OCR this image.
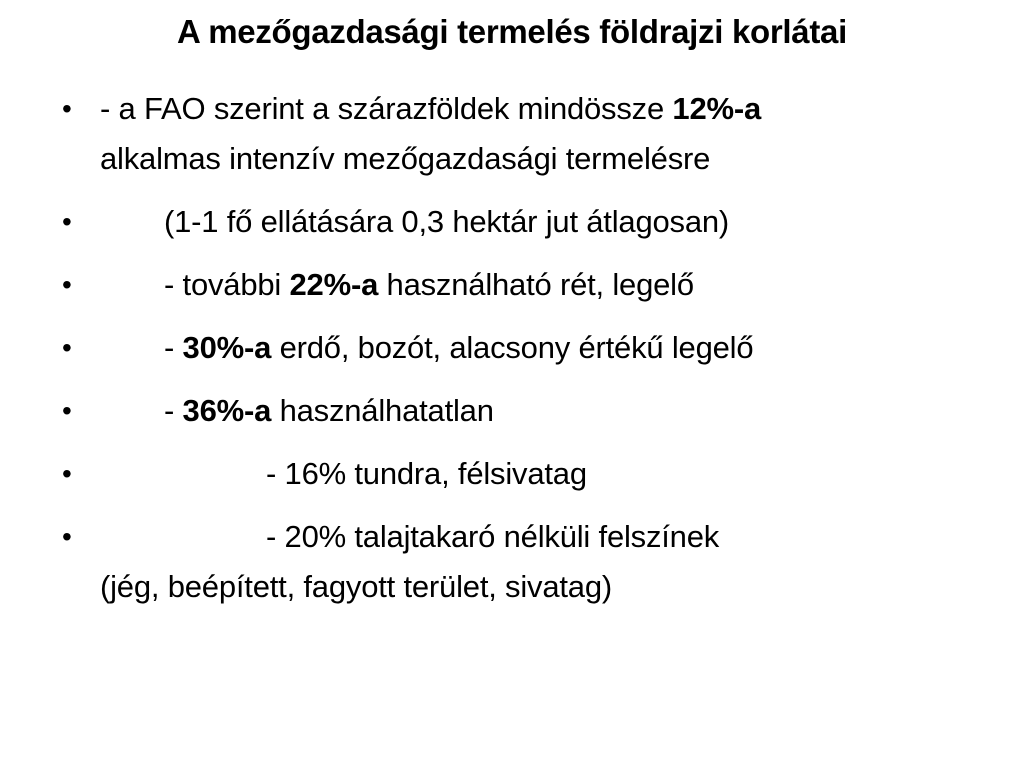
A mezőgazdasági termelés földrajzi korlátai
• - a FAO szerint a szárazföldek mindössze 12%-a
alkalmas intenzív mezőgazdasági termelésre
•	(1-1 fő ellátására 0,3 hektár jut átlagosan)
•	- további 22%-a használható rét, legelő
•	- 30%-a erdő, bozót, alacsony értékű legelő
•	- 36%-a használhatatlan
•	- 16% tundra, félsivatag
•	- 20% talajtakaró nélküli felszínek
(jég, beépített, fagyott terület, sivatag)
